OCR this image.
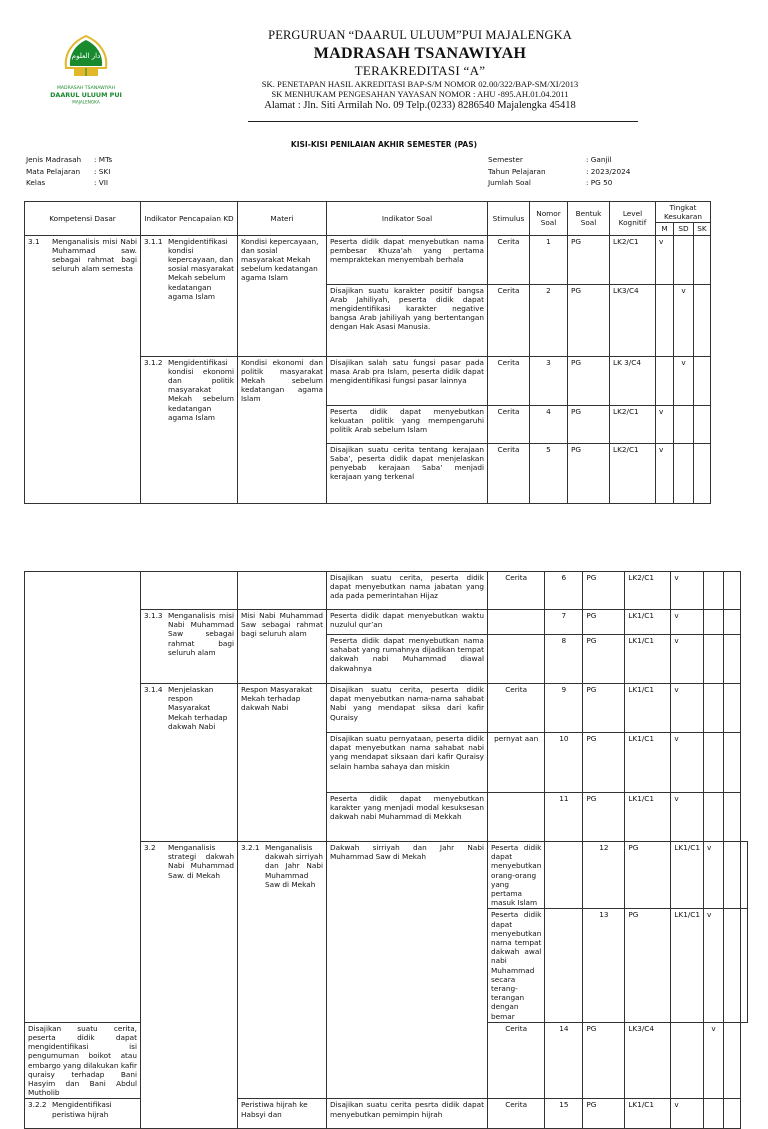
دار العلوم
MADRASAH TSANAWIYAH
DAARUL ULUUM PUI
MAJALENGKA
PERGURUAN “DAARUL ULUUM”PUI MAJALENGKA
MADRASAH TSANAWIYAH
TERAKREDITASI “A”
SK. PENETAPAN HASIL AKREDITASI BAP-S/M NOMOR 02.00/322/BAP-SM/XI/2013
SK MENHUKAM PENGESAHAN YAYASAN NOMOR : AHU -895.AH.01.04.2011
Alamat : Jln. Siti Armilah No. 09 Telp.(0233) 8286540 Majalengka 45418
KISI-KISI PENILAIAN AKHIR SEMESTER (PAS)
Jenis Madrasah	: MTs
Mata Pelajaran	: SKI
Kelas	: VII
Semester	: Ganjil
Tahun Pelajaran	: 2023/2024
Jumlah Soal	: PG 50
Kompetensi Dasar	Indikator Pencapaian KD	Materi	Indikator Soal	Stimulus	Nomor Soal	Bentuk Soal	Level Kognitif	Tingkat Kesukaran		
								M	SD	SK

3.1 Menganalisis misi Nabi Muhammad saw. sebagai rahmat bagi seluruh alam semesta	3.1.1 Mengidentifikasi kondisi kepercayaan, dan sosial masyarakat Mekah sebelum kedatangan agama Islam	Kondisi kepercayaan, dan sosial masyarakat Mekah sebelum kedatangan agama Islam	Peserta didik dapat menyebutkan nama pembesar Khuza’ah yang pertama mempraktekan menyembah berhala	Cerita	1	PG	LK2/C1	v		
			Disajikan suatu karakter positif bangsa Arab Jahiliyah, peserta didik dapat mengidentifikasi karakter negative bangsa Arab jahiliyah yang bertentangan dengan Hak Asasi Manusia.	Cerita	2	PG	LK3/C4		v	

	3.1.2 Mengidentifikasi kondisi ekonomi dan politik masyarakat Mekah sebelum kedatangan agama Islam	Kondisi ekonomi dan politik masyarakat Mekah sebelum kedatangan agama Islam	Disajikan salah satu fungsi pasar pada masa Arab pra Islam, peserta didik dapat mengidentifikasi fungsi pasar lainnya	Cerita	3	PG	LK 3/C4		v	
			Peserta didik dapat menyebutkan kekuatan politik yang mempengaruhi politik Arab sebelum Islam	Cerita	4	PG	LK2/C1	v		
			Disajikan suatu cerita tentang kerajaan Saba’, peserta didik dapat menjelaskan penyebab kerajaan Saba’ menjadi kerajaan yang terkenal	Cerita	5	PG	LK2/C1	v		
			Disajikan suatu cerita, peserta didik dapat menyebutkan nama jabatan yang ada pada pemerintahan Hijaz	Cerita	6	PG	LK2/C1	v			

	3.1.3 Menganalisis misi Nabi Muhammad Saw sebagai rahmat bagi seluruh alam	Misi Nabi Muhammad Saw sebagai rahmat bagi seluruh alam	Peserta didik dapat menyebutkan waktu nuzulul qur’an		7	PG	LK1/C1	v			
			Peserta didik dapat menyebutkan nama sahabat yang rumahnya dijadikan tempat dakwah nabi Muhammad diawal dakwahnya		8	PG	LK1/C1	v			

	3.1.4 Menjelaskan respon Masyarakat Mekah terhadap dakwah Nabi	Respon Masyarakat Mekah terhadap dakwah Nabi	Disajikan suatu cerita, peserta didik dapat menyebutkan nama-nama sahabat Nabi yang mendapat siksa dari kafir Quraisy	Cerita	9	PG	LK1/C1	v			
			Disajikan suatu pernyataan, peserta didik dapat menyebutkan nama sahabat nabi yang mendapat siksaan dari kafir Quraisy selain hamba sahaya dan miskin	pernyat aan	10	PG	LK1/C1	v			
			Peserta didik dapat menyebutkan karakter yang menjadi modal kesuksesan dakwah nabi Muhammad di Mekkah		11	PG	LK1/C1	v			

	3.2 Menganalisis strategi dakwah Nabi Muhammad Saw. di Mekah	3.2.1 Menganalisis dakwah sirriyah dan Jahr Nabi Muhammad Saw di Mekah	Dakwah sirriyah dan Jahr Nabi Muhammad Saw di Mekah	Peserta didik dapat menyebutkan orang-orang yang pertama masuk Islam		12	PG	LK1/C1	v		
				Peserta didik dapat menyebutkan nama tempat dakwah awal nabi Muhammad secara terang-terangan dengan bemar		13	PG	LK1/C1	v		
Disajikan suatu cerita, peserta didik dapat mengidentifikasi isi pengumuman boikot atau embargo yang dilakukan kafir quraisy terhadap Bani Hasyim dan Bani Abdul Mutholib				Cerita	14	PG	LK3/C4		v		

3.2.2 Mengidentifikasi peristiwa hijrah		Peristiwa hijrah ke Habsyi dan	Disajikan suatu cerita pesrta didik dapat menyebutkan pemimpin hijrah	Cerita	15	PG	LK1/C1	v			
